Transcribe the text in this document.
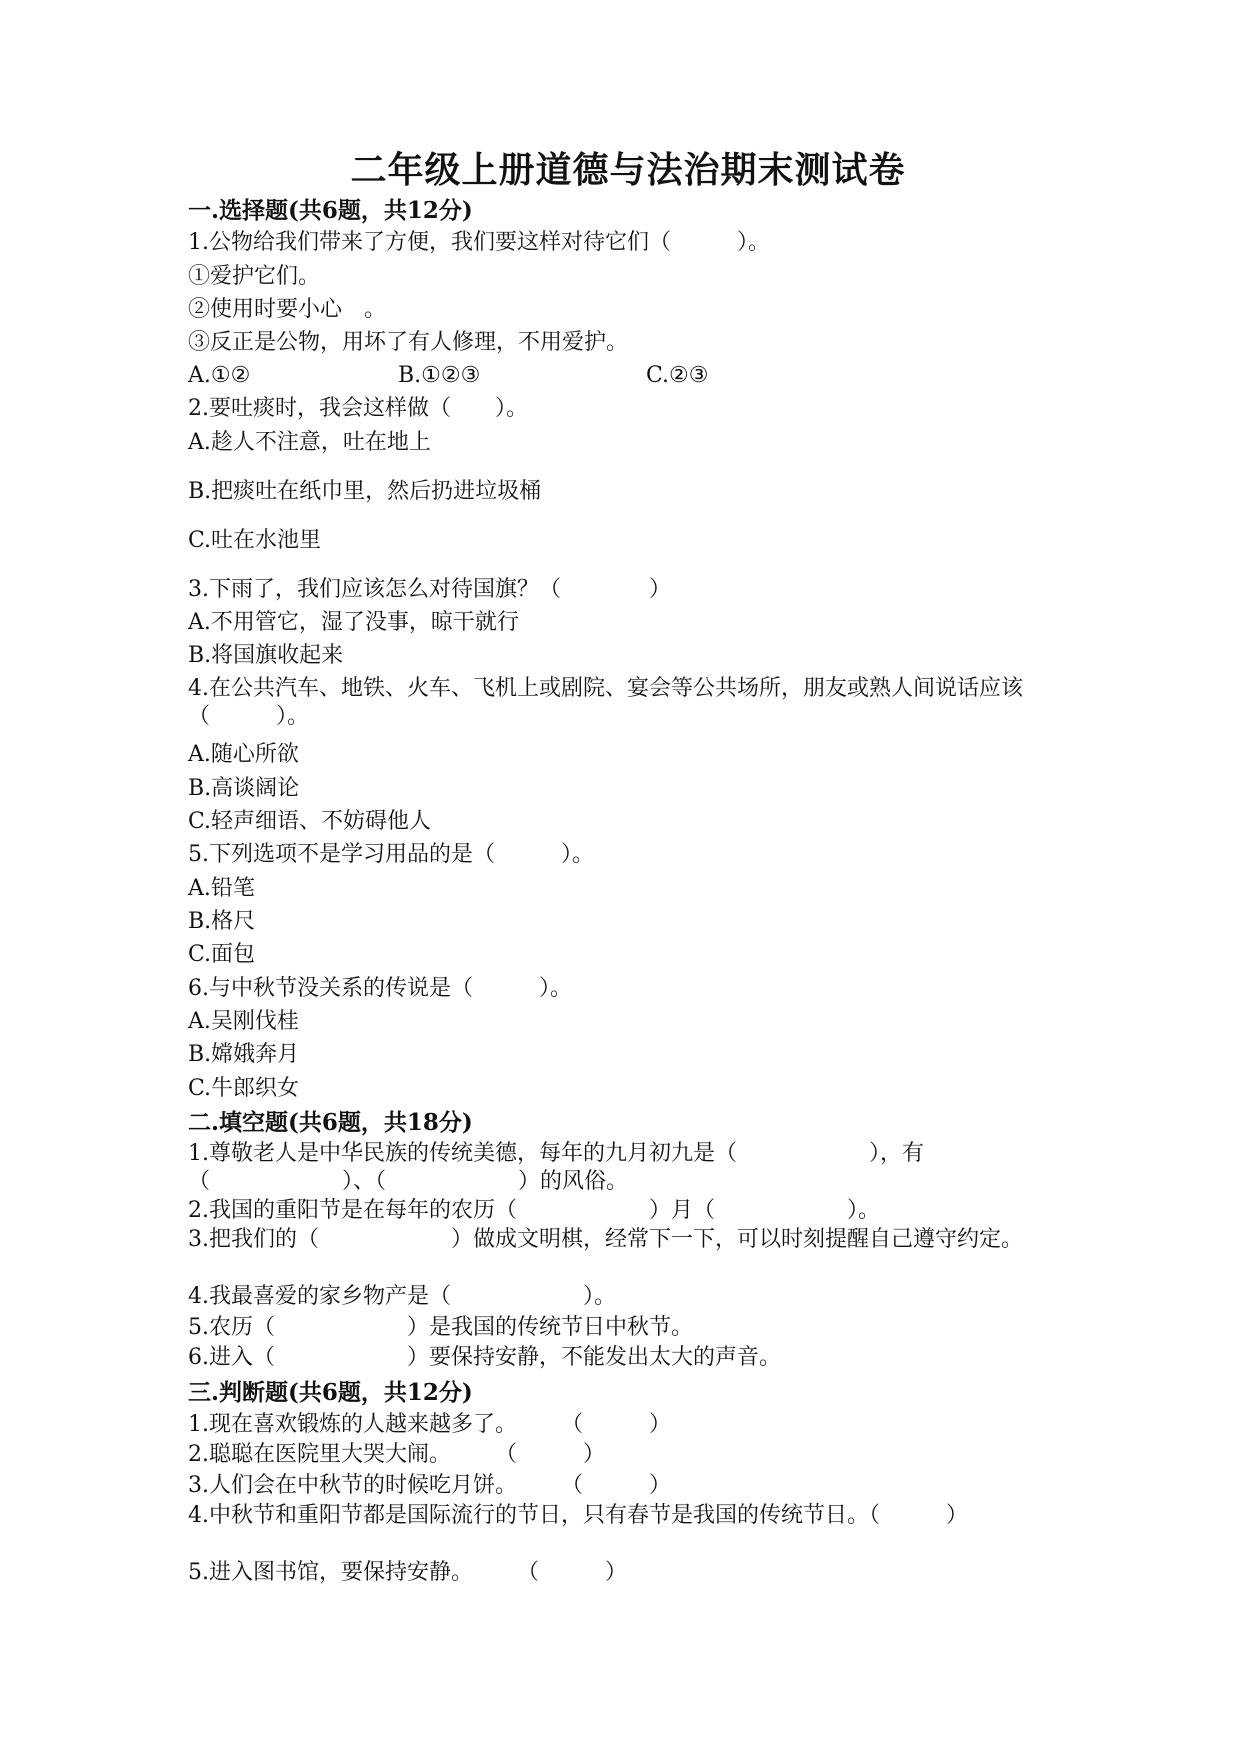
二年级上册道德与法治期末测试卷
一.选择题(共6题，共12分)
1.公物给我们带来了方便，我们要这样对待它们（　　　）。
①爱护它们。
②使用时要小心　。
③反正是公物，用坏了有人修理，不用爱护。
A.①②	B.①②③	C.②③
2.要吐痰时，我会这样做（　　）。
A.趁人不注意，吐在地上
B.把痰吐在纸巾里，然后扔进垃圾桶
C.吐在水池里
3.下雨了，我们应该怎么对待国旗？（　　　　）
A.不用管它，湿了没事，晾干就行
B.将国旗收起来
4.在公共汽车、地铁、火车、飞机上或剧院、宴会等公共场所，朋友或熟人间说话应该（　　　）。
A.随心所欲
B.高谈阔论
C.轻声细语、不妨碍他人
5.下列选项不是学习用品的是（　　　）。
A.铅笔
B.格尺
C.面包
6.与中秋节没关系的传说是（　　　）。
A.吴刚伐桂
B.嫦娥奔月
C.牛郎织女
二.填空题(共6题，共18分)
1.尊敬老人是中华民族的传统美德，每年的九月初九是（　　　　　　），有（　　　　　　）、（　　　　　　）的风俗。
2.我国的重阳节是在每年的农历（　　　　　　）月（　　　　　　）。
3.把我们的（　　　　　　）做成文明棋，经常下一下，可以时刻提醒自己遵守约定。
4.我最喜爱的家乡物产是（　　　　　　）。
5.农历（　　　　　　）是我国的传统节日中秋节。
6.进入（　　　　　　）要保持安静，不能发出太大的声音。
三.判断题(共6题，共12分)
1.现在喜欢锻炼的人越来越多了。　　　（　　　）
2.聪聪在医院里大哭大闹。　　　（　　　）
3.人们会在中秋节的时候吃月饼。　　　（　　　）
4.中秋节和重阳节都是国际流行的节日，只有春节是我国的传统节日。（　　　）
5.进入图书馆，要保持安静。　　　（　　　）
